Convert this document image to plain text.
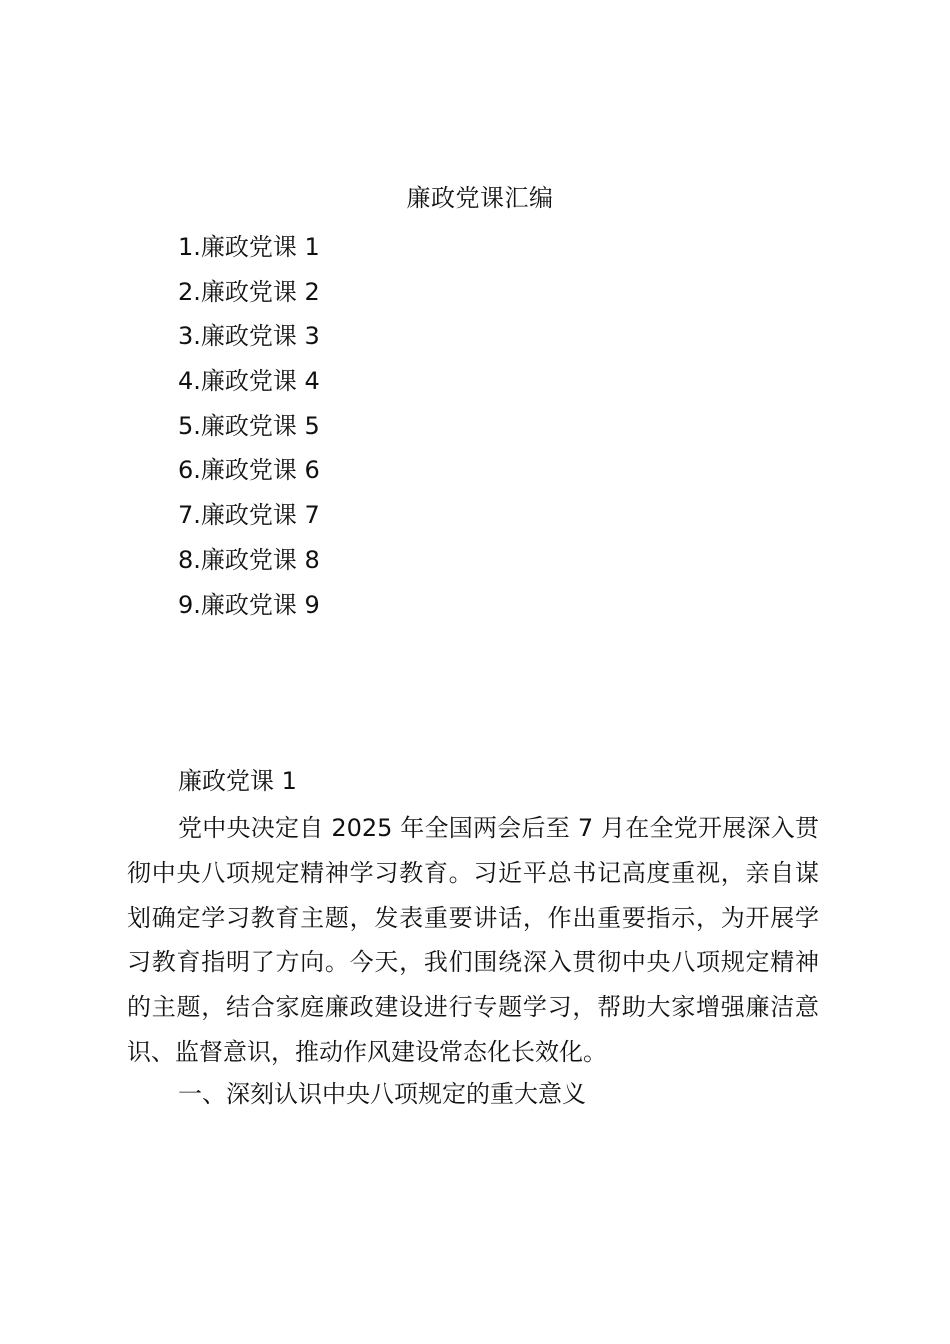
廉政党课汇编
1.廉政党课 1
2.廉政党课 2
3.廉政党课 3
4.廉政党课 4
5.廉政党课 5
6.廉政党课 6
7.廉政党课 7
8.廉政党课 8
9.廉政党课 9
廉政党课 1

党中央决定自 2025 年全国两会后至 7 月在全党开展深入贯彻中央八项规定精神学习教育。习近平总书记高度重视，亲自谋划确定学习教育主题，发表重要讲话，作出重要指示，为开展学习教育指明了方向。今天，我们围绕深入贯彻中央八项规定精神的主题，结合家庭廉政建设进行专题学习，帮助大家增强廉洁意识、监督意识，推动作风建设常态化长效化。

一、深刻认识中央八项规定的重大意义
